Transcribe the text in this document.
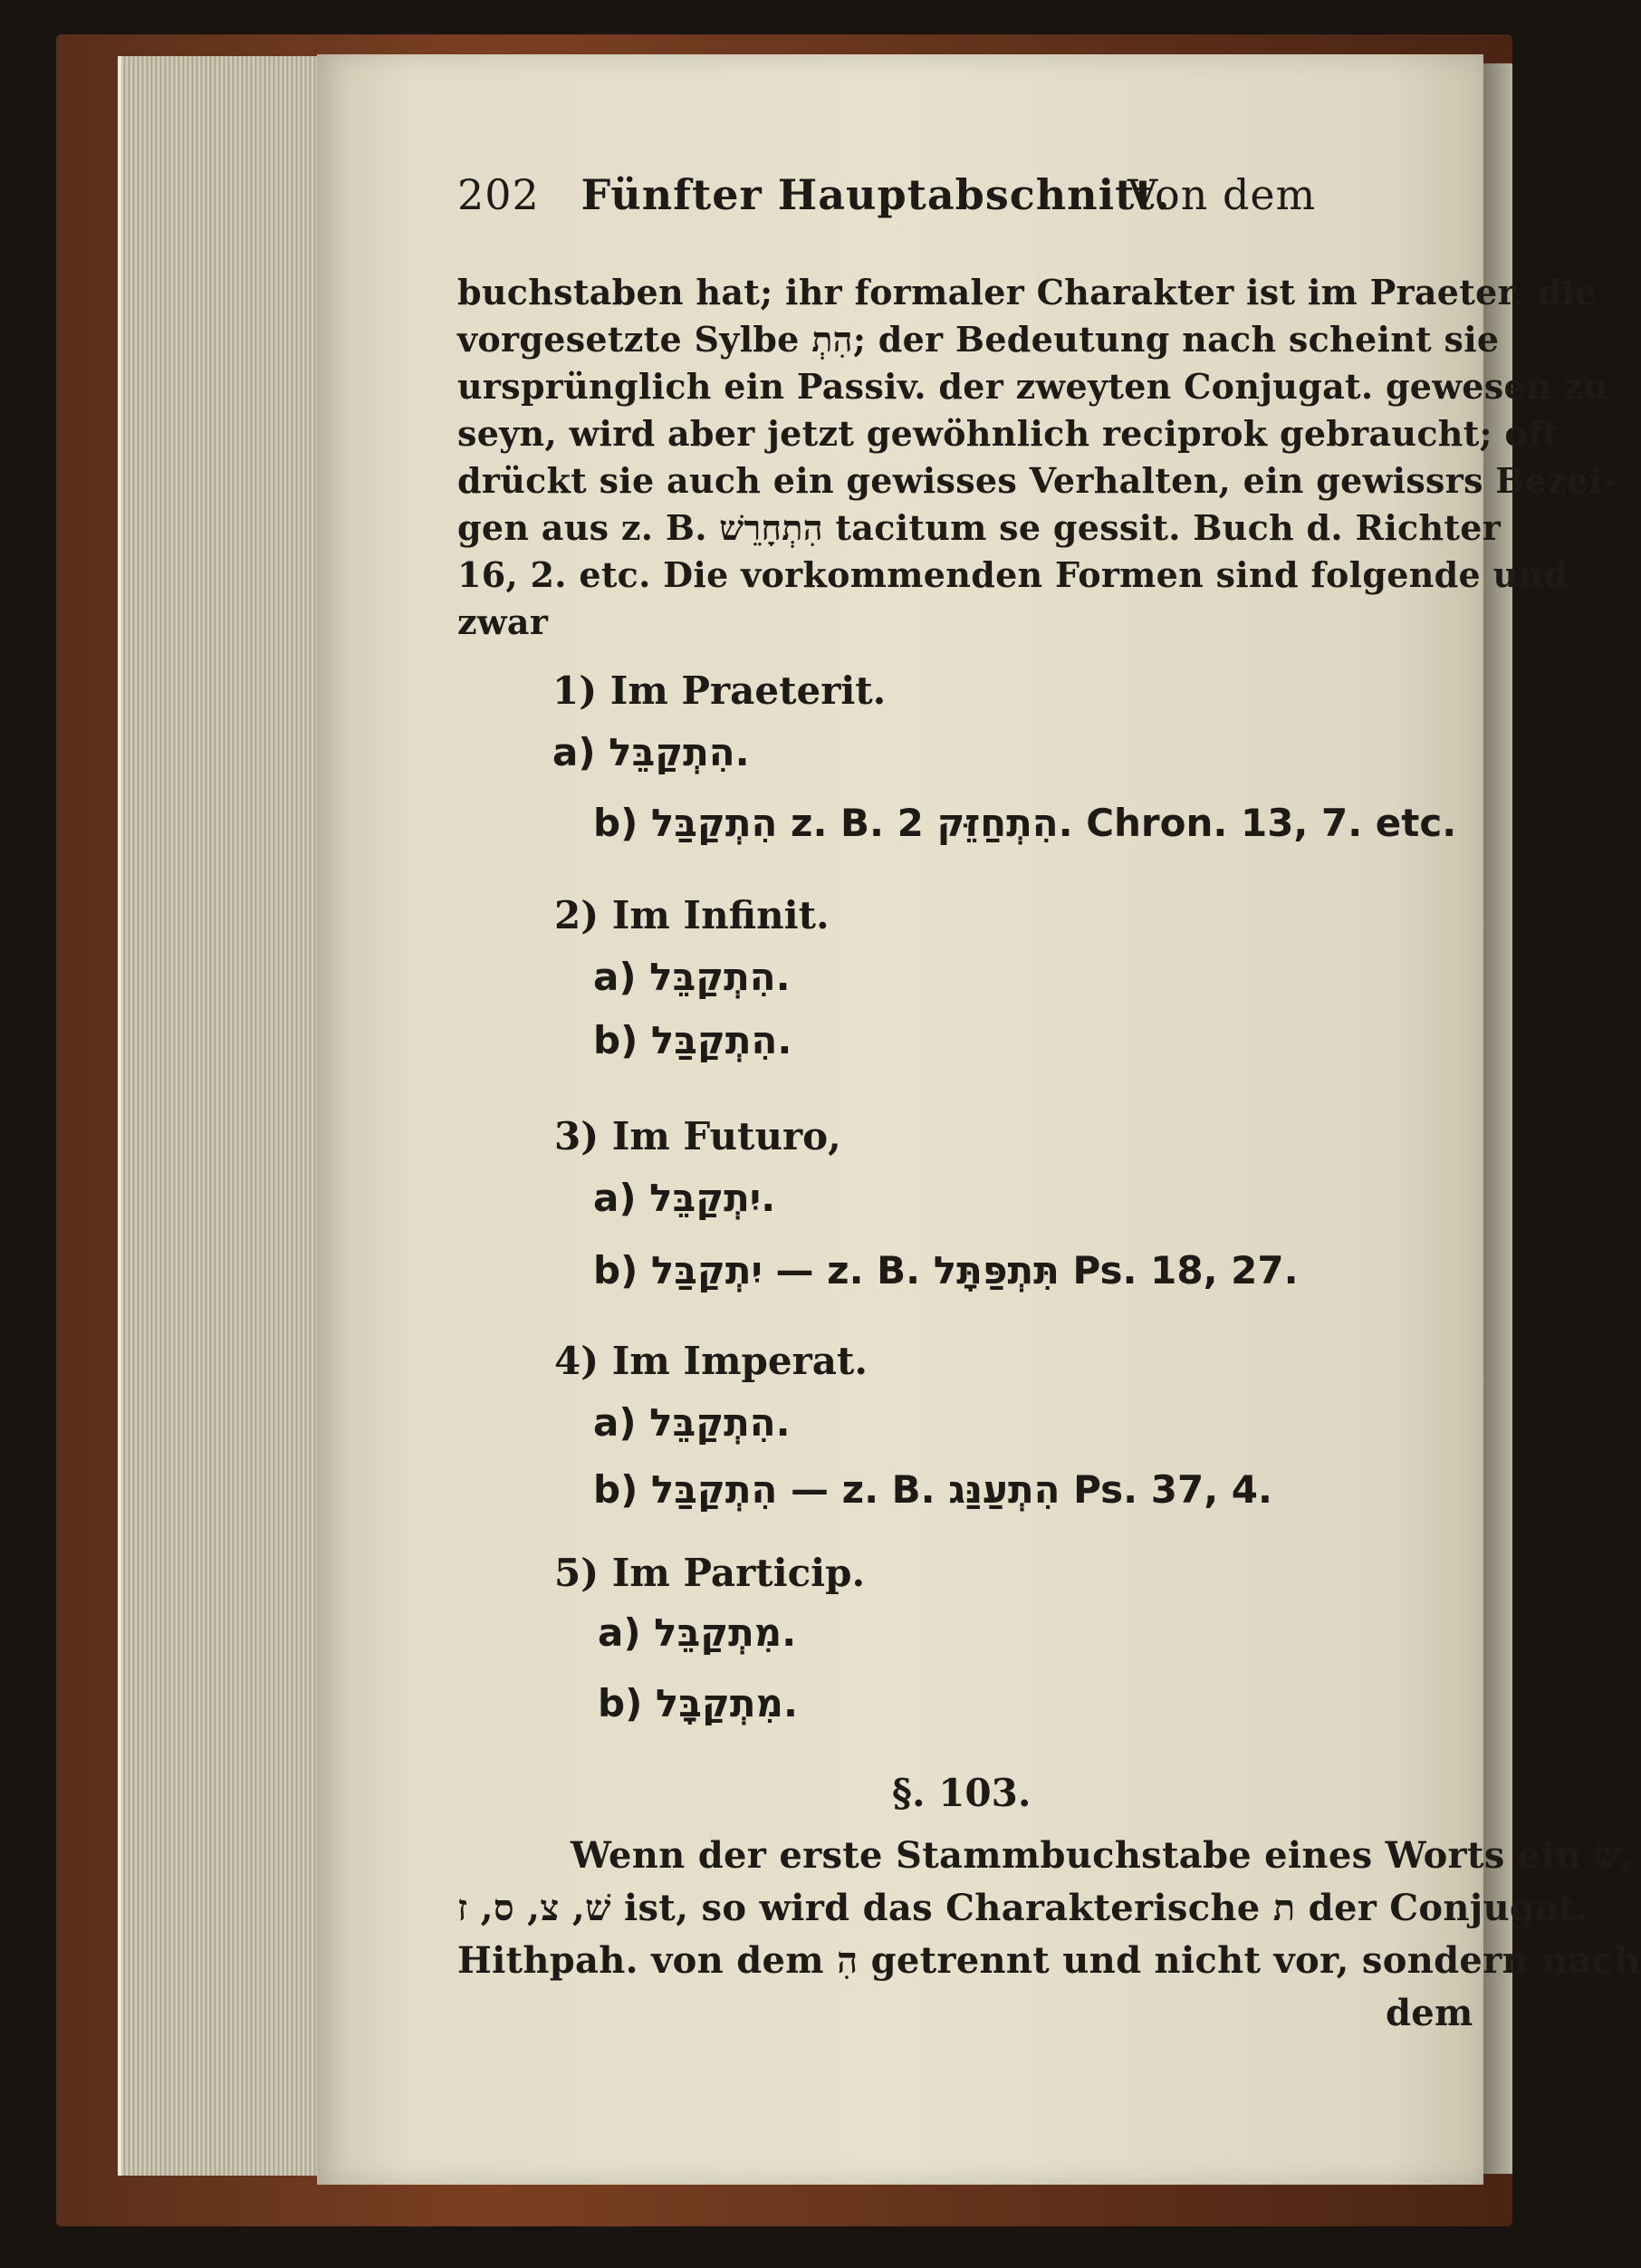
202 Fünfter Hauptabschnitt.
Von dem
buchstaben hat; ihr formaler Charakter ist im Praeter. die
vorgesetzte Sylbe הִתְ; der Bedeutung nach scheint sie
ursprünglich ein Passiv. der zweyten Conjugat. gewesen zu
seyn, wird aber jetzt gewöhnlich reciprok gebraucht; oft
drückt sie auch ein gewisses Verhalten, ein gewissrs Bezei-
gen aus z. B. הִתְחָרֵשׁ tacitum se gessit. Buch d. Richter
16, 2. etc. Die vorkommenden Formen sind folgende und
zwar
1) Im Praeterit.
a) הִתְקַבֵּל.
b) הִתְקַבַּל z. B. הִתְחַזֵּק 2. Chron. 13, 7. etc.
2) Im Infinit.
a) הִתְקַבֵּל.
b) הִתְקַבַּל.
3) Im Futuro,
a) יִתְקַבֵּל.
b) יִתְקַבַּל — z. B. תִּתְפַּתָּל Ps. 18, 27.
4) Im Imperat.
a) הִתְקַבֵּל.
b) הִתְקַבַּל — z. B. הִתְעַנַּג Ps. 37, 4.
5) Im Particip.
a) מִתְקַבֵּל.
b) מִתְקַבָּל.
§. 103.
Wenn der erste Stammbuchstabe eines Worts ein שׂ,
שׁ, צ, ס, ז ist, so wird das Charakterische ת der Conjugat.
Hithpah. von dem הִ getrennt und nicht vor, sondern nach
dem
